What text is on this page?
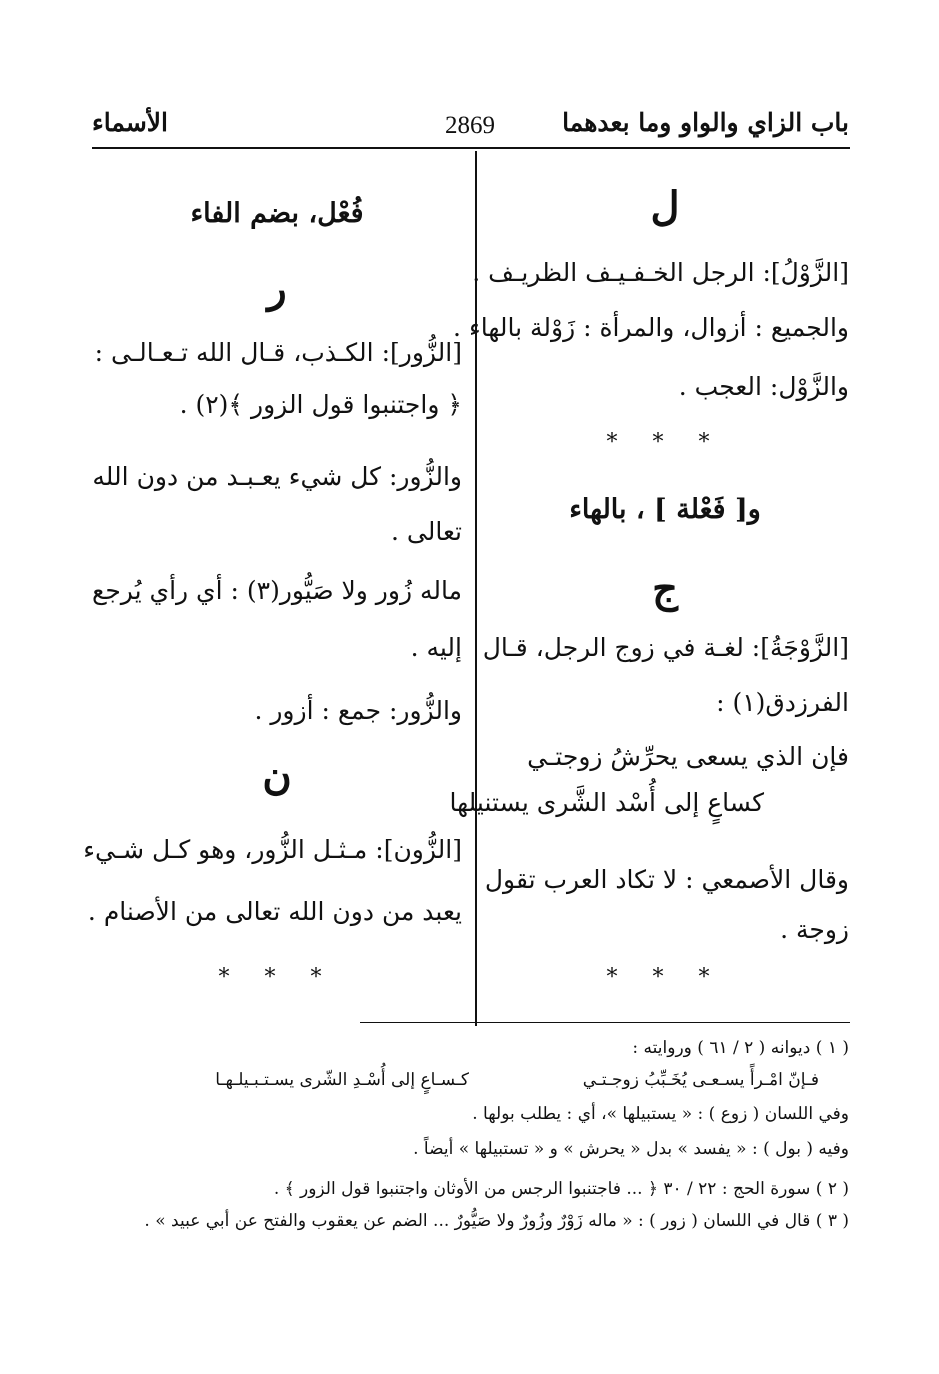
باب الزاي والواو وما بعدهما
2869
الأسماء
ل
[الزَّوْلُ]: الرجل الخـفـيـف الظريـف .
والجميع : أزوال، والمرأة : زَوْلة بالهاء .
والزَّوْل: العجب .
* * *
و[ فَعْلة ] ، بالهاء
ج
[الزَّوْجَةُ]: لغـة في زوج الرجل، قـال
الفرزدق(١) :
فإن الذي يسعى يحرِّشُ زوجتـي
كساعٍ إلى أُسْد الشَّرى يستنيلها
وقال الأصمعي : لا تكاد العرب تقول
زوجة .
* * *
فُعْل، بضم الفاء
ر
[الزُّور]: الكـذب، قـال الله تـعـالـى :
﴿ واجتنبوا قول الزور ﴾(٢) .
والزُّور: كل شيء يعـبـد من دون الله
تعالى .
ماله زُور ولا صَيُّور(٣) : أي رأي يُرجع
إليه .
والزُّور: جمع : أزور .
ن
[الزُّون]: مـثـل الزُّور، وهو كـل شـيء
يعبد من دون الله تعالى من الأصنام .
* * *
( ١ ) ديوانه ( ٢ / ٦١ ) وروايته :
فـإنّ امْـرأً يسـعـى يُخَـبِّبُ زوجـتـي
كـسـاعٍ إلى أُسْـدِ الشّرى يسـتـبـيلـهـا
وفي اللسان ( زوع ) : « يستبيلها »، أي : يطلب بولها .
وفيه ( بول ) : « يفسد » بدل « يحرش » و « تستبيلها » أيضاً .
( ٢ ) سورة الحج : ٢٢ / ٣٠ ﴿ ... فاجتنبوا الرجس من الأوثان واجتنبوا قول الزور ﴾ .
( ٣ ) قال في اللسان ( زور ) : « ماله زَوْرٌ وزُورٌ ولا صَيُّورٌ ... الضم عن يعقوب والفتح عن أبي عبيد » .
